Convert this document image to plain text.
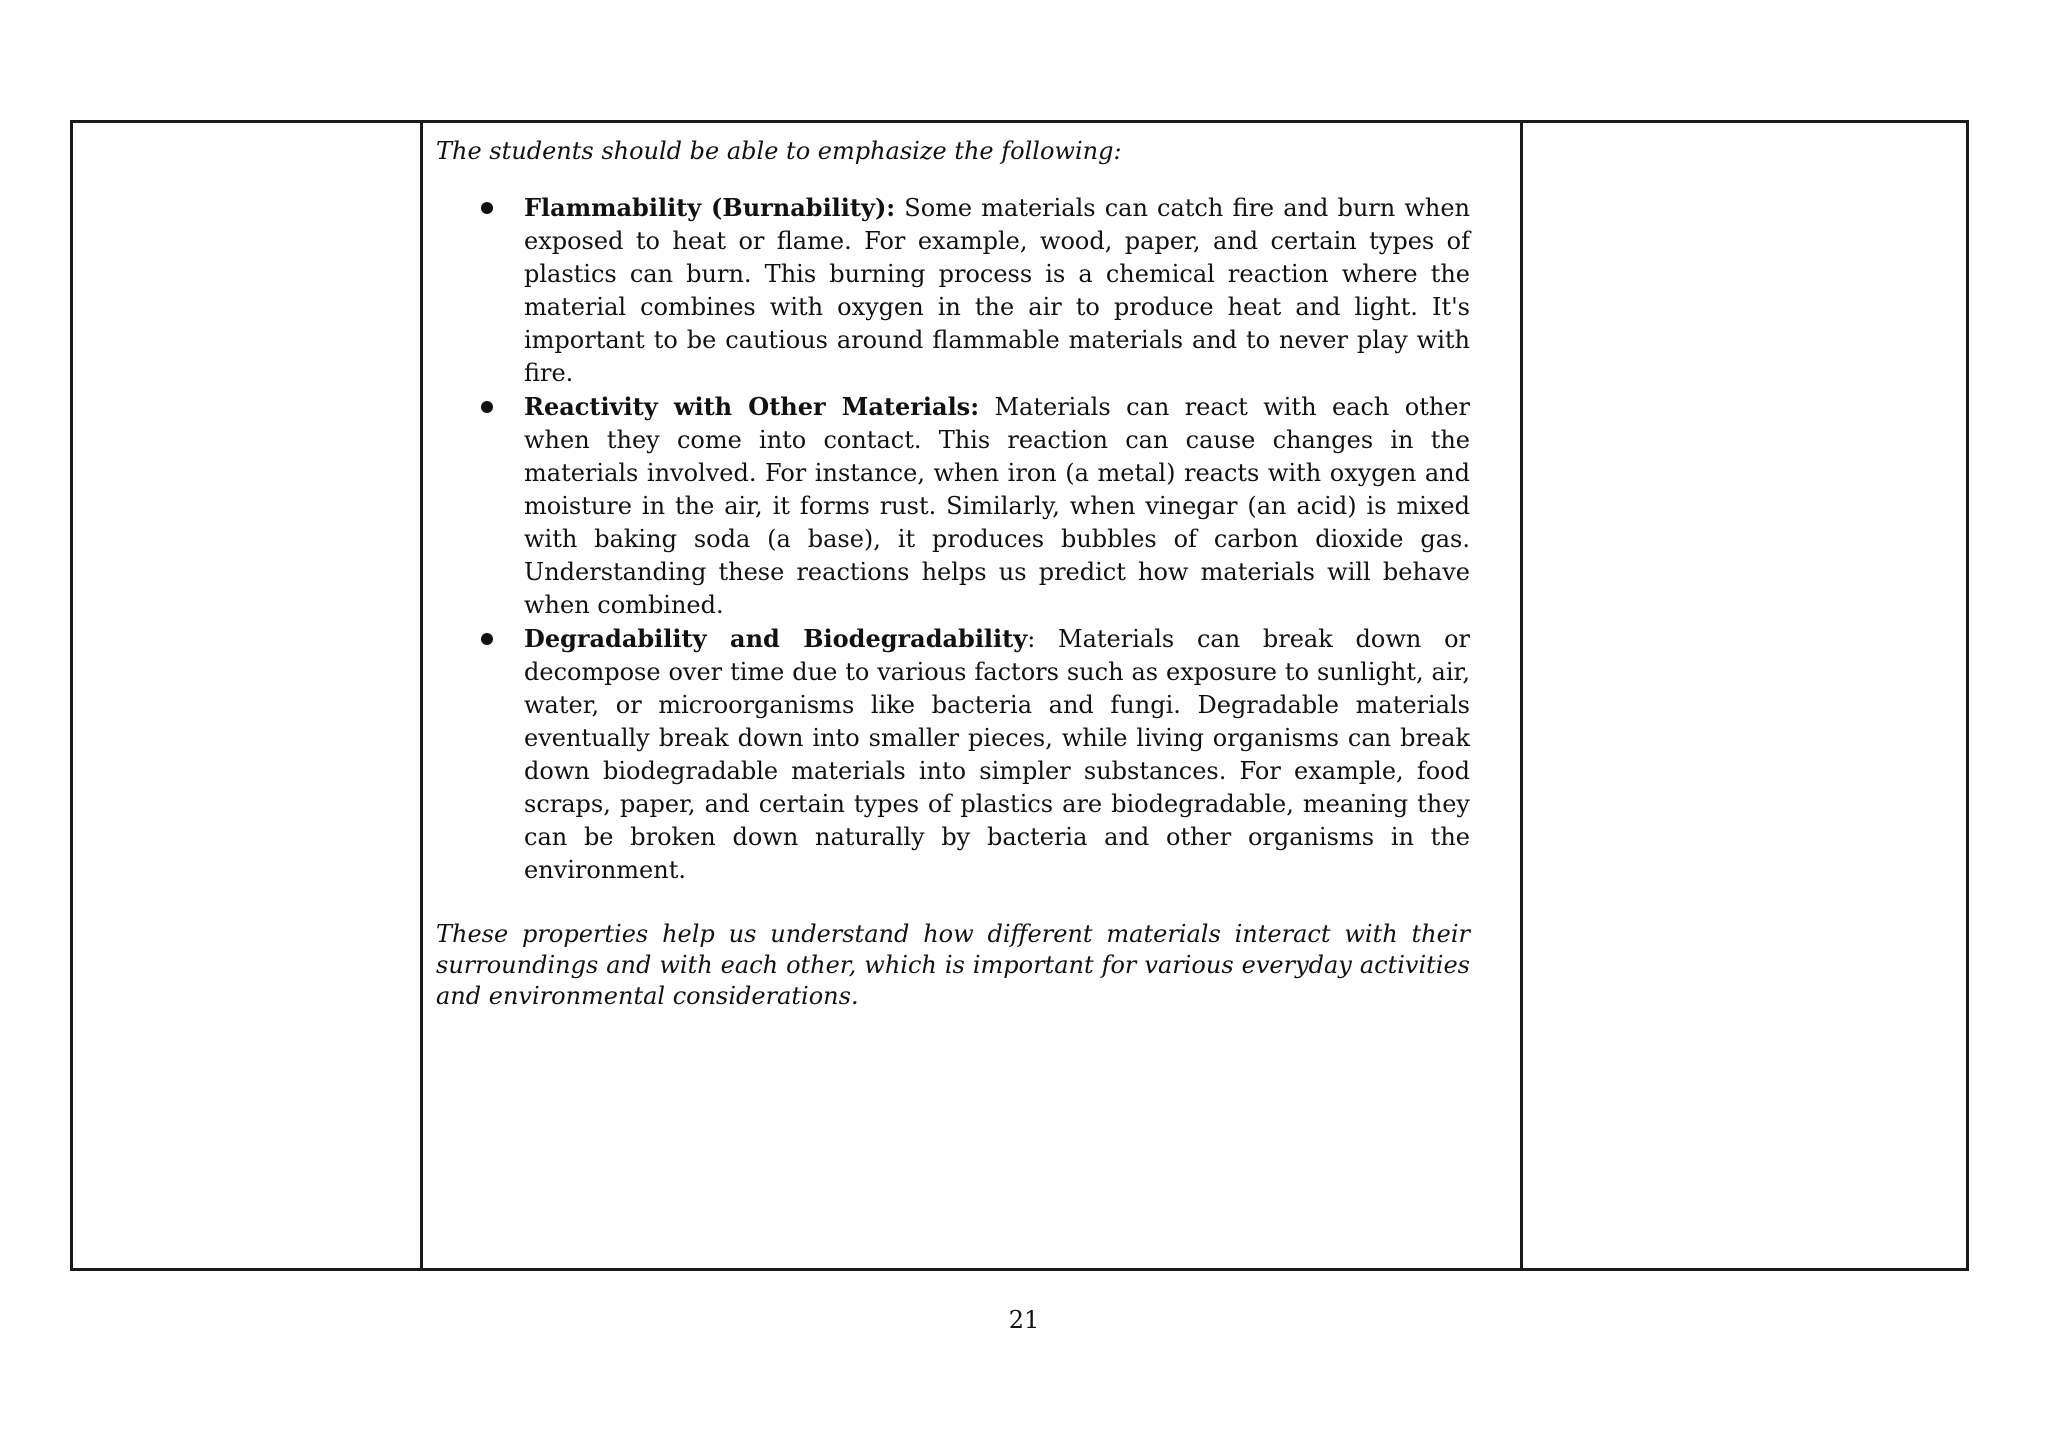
The students should be able to emphasize the following:

Flammability (Burnability): Some materials can catch fire and burn when exposed to heat or flame. For example, wood, paper, and certain types of plastics can burn. This burning process is a chemical reaction where the material combines with oxygen in the air to produce heat and light. It's important to be cautious around flammable materials and to never play with fire.
Reactivity with Other Materials: Materials can react with each other when they come into contact. This reaction can cause changes in the materials involved. For instance, when iron (a metal) reacts with oxygen and moisture in the air, it forms rust. Similarly, when vinegar (an acid) is mixed with baking soda (a base), it produces bubbles of carbon dioxide gas. Understanding these reactions helps us predict how materials will behave when combined.
Degradability and Biodegradability: Materials can break down or decompose over time due to various factors such as exposure to sunlight, air, water, or microorganisms like bacteria and fungi. Degradable materials eventually break down into smaller pieces, while living organisms can break down biodegradable materials into simpler substances. For example, food scraps, paper, and certain types of plastics are biodegradable, meaning they can be broken down naturally by bacteria and other organisms in the environment.

These properties help us understand how different materials interact with their surroundings and with each other, which is important for various everyday activities and environmental considerations.

21
